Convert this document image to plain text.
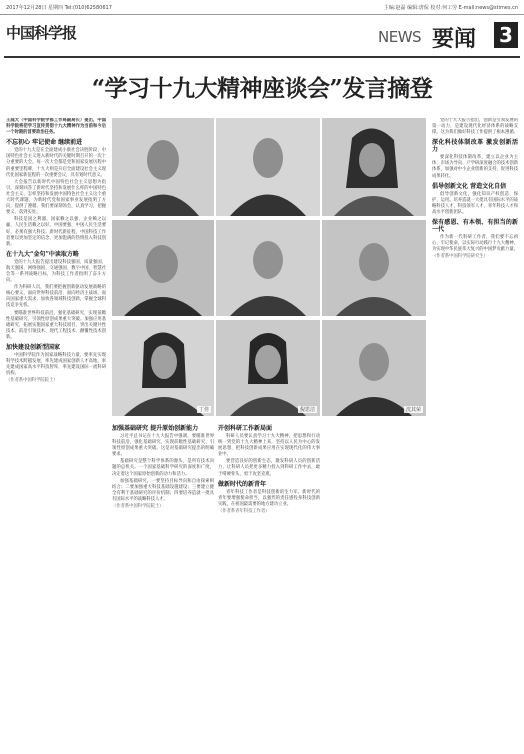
2017年12月28日 星期四 Tel:(010)62580617	主编:赵磊 编辑:唐侃 校对:何工劳 E-mail:news@stimes.cn
中国科学报	NEWS 要闻 3
“学习十九大精神座谈会”发言摘登

王庭大（中国科学院学部工作局副局长）提出，中国科学院将把学习宣传贯彻十九大精神作为当前和今后一个时期的首要政治任务。

不忘初心 牢记使命 继续前进

党的十九大是在全面建成小康社会决胜阶段、中国特色社会主义进入新时代的关键时期召开的一次十分重要的大会。每一次大会都是党和国家发展历程中的重要里程碑，十九大则是开启全面建设社会主义现代化国家新征程的一次重要会议，具有划时代意义。

大会报告以新时代中国特色社会主义思想为指引，深刻回答了新时代坚持和发展什么样的中国特色社会主义、怎样坚持和发展中国特色社会主义这个重大时代课题，为新时代党和国家事业发展指明了方向，提供了遵循。我们要深刻领会，认真学习，把握要义，落到实处。

科技是国之利器，国家赖之以强，企业赖之以赢，人民生活赖之以好。中国要强，中国人民生活要好，必须有强大科技。新时代新征程，中国科技工作者要以更加坚定的信念、更加饱满的热情投入科技创新。

在十九大“金句”中读取方略

党的十九大报告提出建设科技强国、质量强国、航天强国、网络强国、交通强国、数字中国、智慧社会等一系列战略目标，为科技工作者指明了奋斗方向。

作为科研人员，我们要把握创新驱动发展战略的核心要义，面向世界科技前沿、面向经济主战场、面向国家重大需求，加快各领域科技创新，掌握全球科技竞争先机。

要瞄准世界科技前沿，强化基础研究，实现前瞻性基础研究、引领性原创成果重大突破。加强应用基础研究，拓展实施国家重大科技项目，突出关键共性技术、前沿引领技术、现代工程技术、颠覆性技术创新。

加快建设创新型国家

中国科学院作为国家战略科技力量，要率先实现科学技术跨越发展，率先建成国家创新人才高地，率先建成国家高水平科技智库，率先建设国际一流科研机构。

（作者系中国科学院院士）
丁佳	倪思洁	沈其荣
加强基础研究 提升原始创新能力

习近平总书记在十九大报告中强调，要瞄准世界科技前沿，强化基础研究，实现前瞻性基础研究、引领性原创成果重大突破。这是对基础研究提出的明确要求。

基础研究是整个科学体系的源头，是所有技术问题的总机关。一个国家基础科学研究的深度和广度，决定着这个国家原始创新的动力和活力。

加强基础研究，一要坚持目标导向和自由探索相结合；二要加强重大科技基础设施建设；三要建立健全有利于基础研究的评价机制；四要培养造就一批具有国际水平的战略科技人才。

（作者系中国科学院院士）
开创科研工作新局面

科研人员要认真学习十九大精神，把思想和行动统一到党的十九大精神上来，坚持以人民为中心的发展思想，把科技创新成果应用在实现现代化的伟大事业中。

要营造良好的创新生态，激发科研人员的创新活力，让科研人员把更多精力投入到科研工作中去，敢于啃硬骨头，勇于攻坚克难。

做新时代的新青年

青年科技工作者是科技创新的生力军。新时代的青年要增强使命担当，以强烈的责任感投身科技创新实践，在祖国最需要的地方建功立业。

（作者系青年科技工作者）

党的十九大报告指出，创新是引领发展的第一动力，是建设现代化经济体系的战略支撑。这为我们做好科技工作提供了根本遵循。

深化科技体制改革 激发创新活力

要深化科技体制改革，建立以企业为主体、市场为导向、产学研深度融合的技术创新体系，加强对中小企业创新的支持，促进科技成果转化。

倡导创新文化 营造文化自信

倡导创新文化，强化知识产权创造、保护、运用。培养造就一大批具有国际水平的战略科技人才、科技领军人才、青年科技人才和高水平创新团队。

保有感恩、有本领、有担当的新一代

作为新一代科研工作者，我们要不忘初心、牢记使命，以实际行动践行十九大精神，为实现中华民族伟大复兴的中国梦贡献力量。

（作者系中国科学院研究生）
